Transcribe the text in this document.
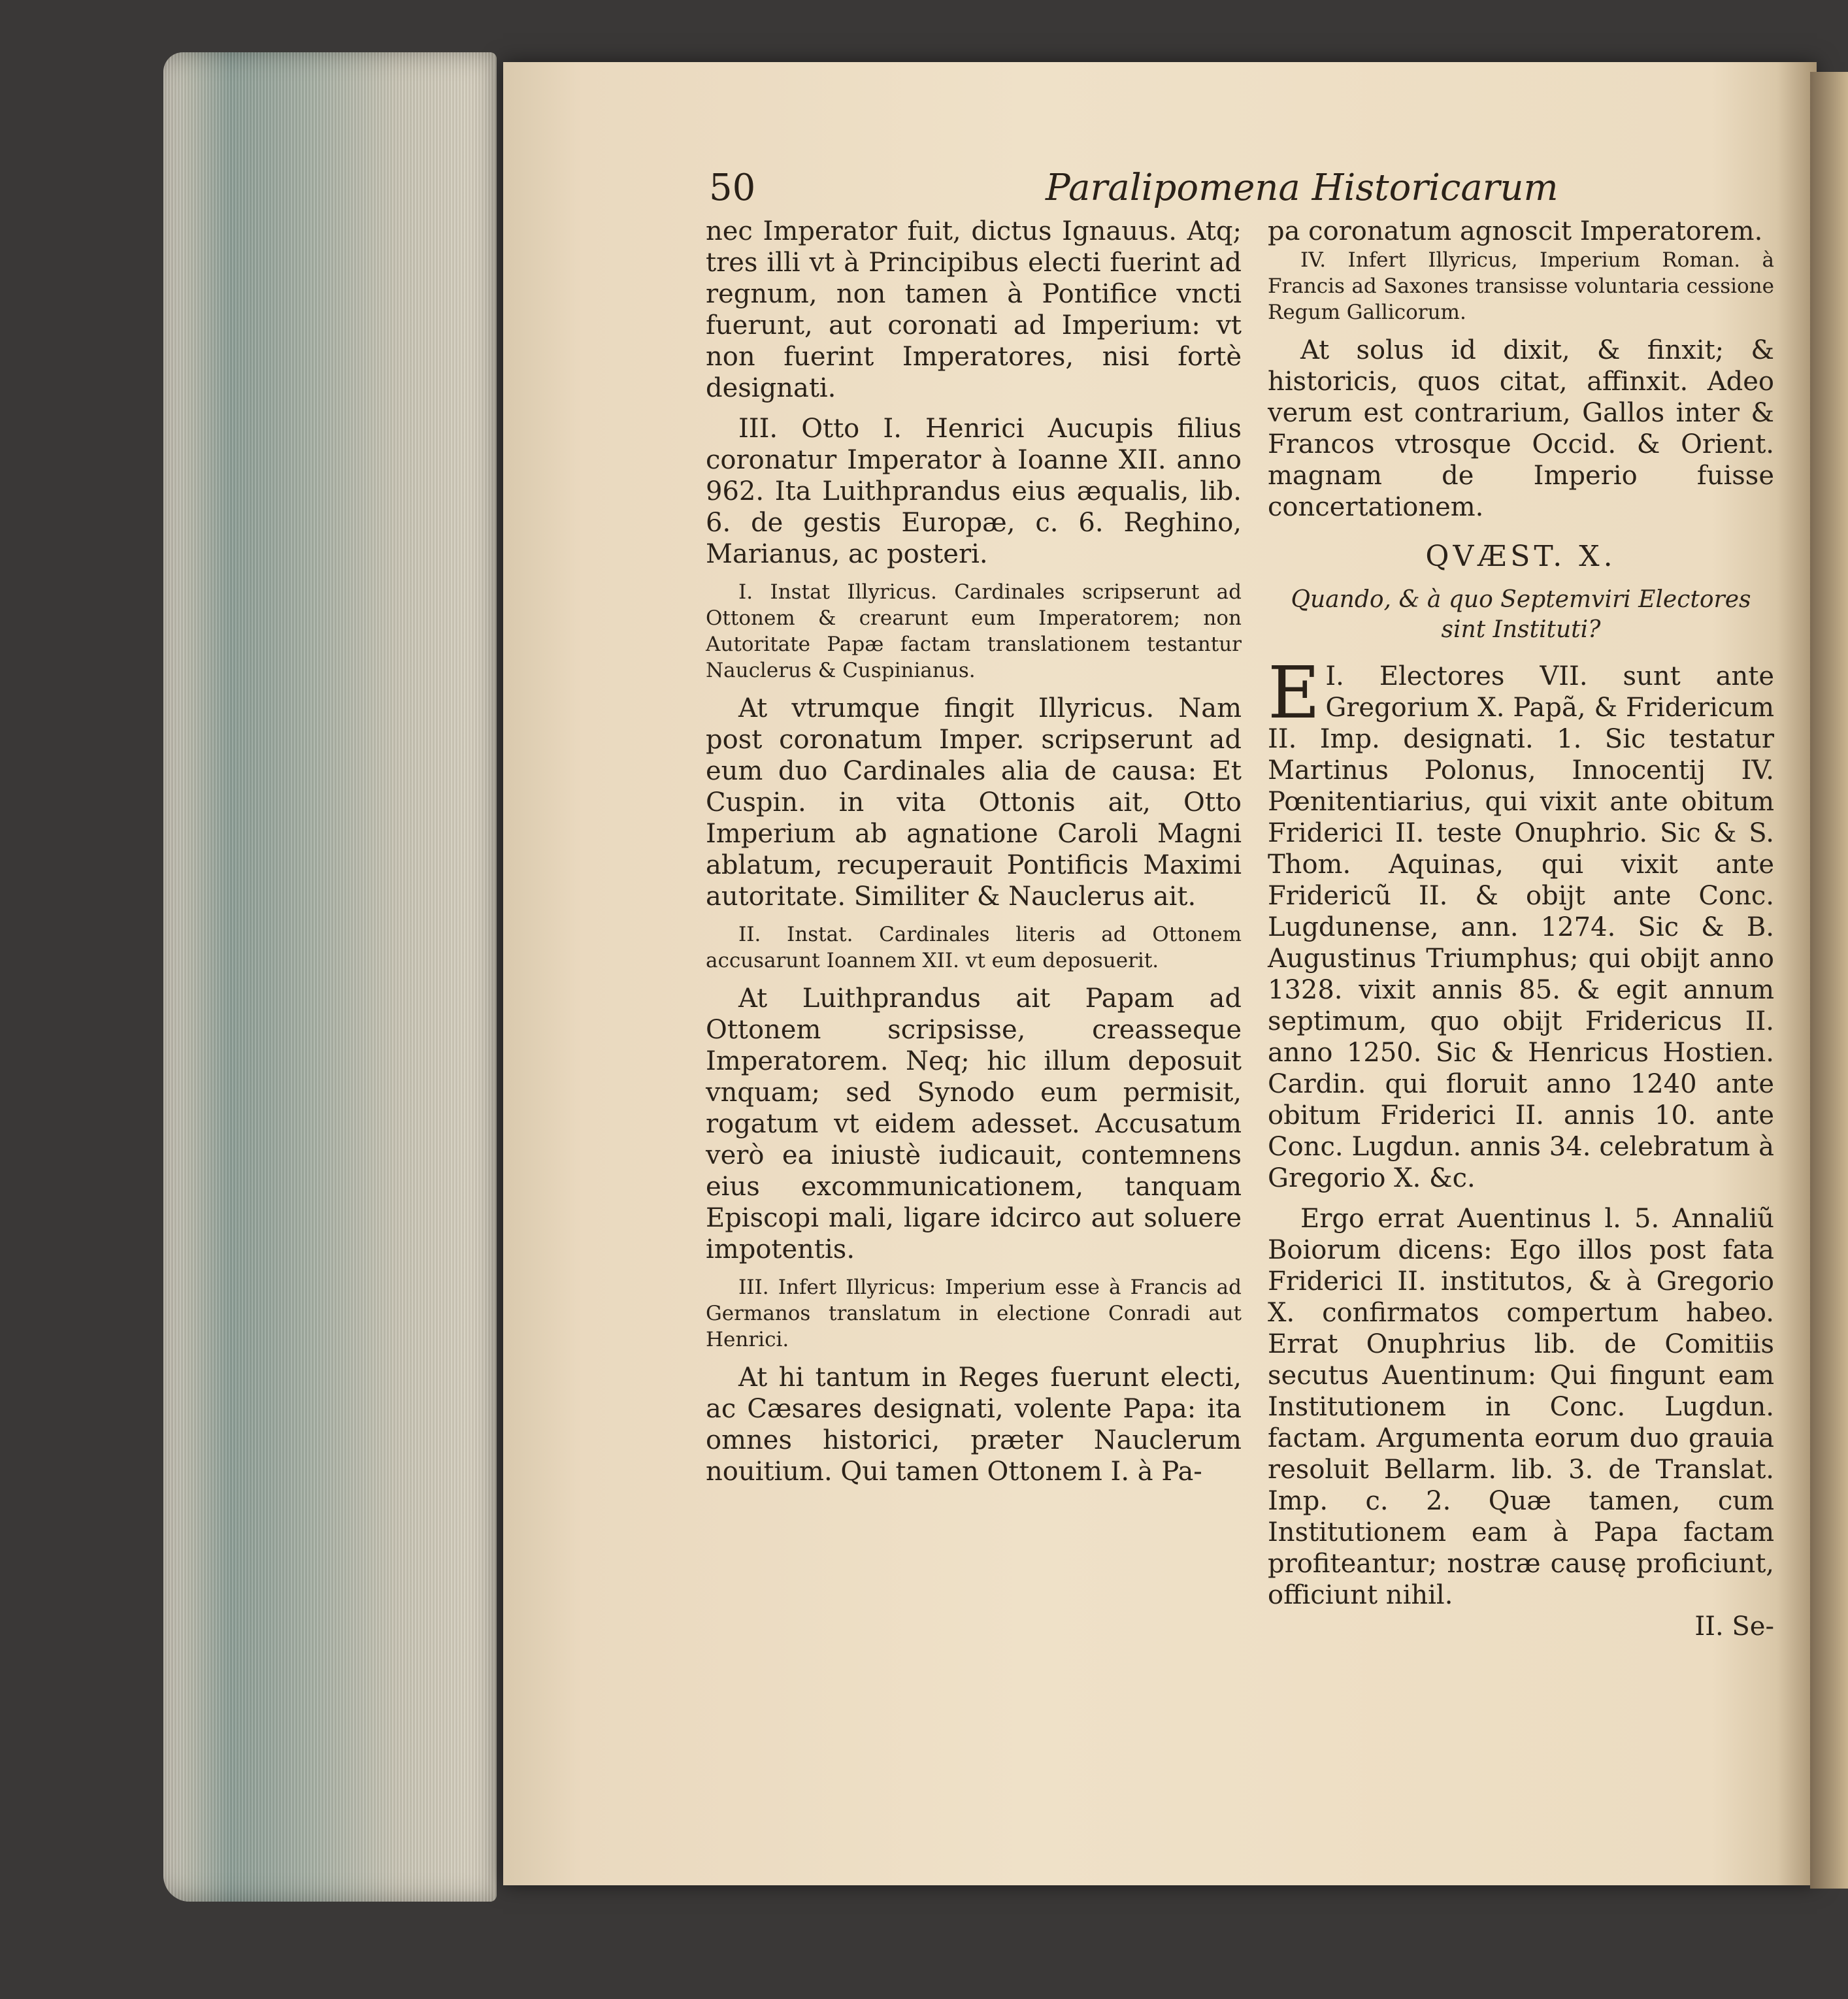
50	Paralipomena Historicarum

nec Imperator fuit, dictus Ignauus. Atq; tres illi vt à Principibus electi fuerint ad regnum, non tamen à Pontifice vncti fuerunt, aut coronati ad Imperium: vt non fuerint Imperatores, nisi fortè designati.

III. Otto I. Henrici Aucupis filius coronatur Imperator à Ioanne XII. anno 962. Ita Luithprandus eius æqualis, lib. 6. de gestis Europæ, c. 6. Reghino, Marianus, ac posteri.

I. Instat Illyricus. Cardinales scripserunt ad Ottonem & crearunt eum Imperatorem; non Autoritate Papæ factam translationem testantur Nauclerus & Cuspinianus.

At vtrumque fingit Illyricus. Nam post coronatum Imper. scripserunt ad eum duo Cardinales alia de causa: Et Cuspin. in vita Ottonis ait, Otto Imperium ab agnatione Caroli Magni ablatum, recuperauit Pontificis Maximi autoritate. Similiter & Nauclerus ait.

II. Instat. Cardinales literis ad Ottonem accusarunt Ioannem XII. vt eum deposuerit.

At Luithprandus ait Papam ad Ottonem scripsisse, creasseque Imperatorem. Neq; hic illum deposuit vnquam; sed Synodo eum permisit, rogatum vt eidem adesset. Accusatum verò ea iniustè iudicauit, contemnens eius excommunicationem, tanquam Episcopi mali, ligare idcirco aut soluere impotentis.

III. Infert Illyricus: Imperium esse à Francis ad Germanos translatum in electione Conradi aut Henrici.

At hi tantum in Reges fuerunt electi, ac Cæsares designati, volente Papa: ita omnes historici, præter Nauclerum nouitium. Qui tamen Ottonem I. à Pa-

pa coronatum agnoscit Imperatorem.

IV. Infert Illyricus, Imperium Roman. à Francis ad Saxones transisse voluntaria cessione Regum Gallicorum.

At solus id dixit, & finxit; & historicis, quos citat, affinxit. Adeo verum est contrarium, Gallos inter & Francos vtrosque Occid. & Orient. magnam de Imperio fuisse concertationem.

QVÆST. X.

Quando, & à quo Septemviri Electores sint Instituti?

E I. Electores VII. sunt ante Gregorium X. Papã, & Fridericum II. Imp. designati. 1. Sic testatur Martinus Polonus, Innocentij IV. Pœnitentiarius, qui vixit ante obitum Friderici II. teste Onuphrio. Sic & S. Thom. Aquinas, qui vixit ante Fridericũ II. & obijt ante Conc. Lugdunense, ann. 1274. Sic & B. Augustinus Triumphus; qui obijt anno 1328. vixit annis 85. & egit annum septimum, quo obijt Fridericus II. anno 1250. Sic & Henricus Hostien. Cardin. qui floruit anno 1240 ante obitum Friderici II. annis 10. ante Conc. Lugdun. annis 34. celebratum à Gregorio X. &c.

Ergo errat Auentinus l. 5. Annaliũ Boiorum dicens: Ego illos post fata Friderici II. institutos, & à Gregorio X. confirmatos compertum habeo. Errat Onuphrius lib. de Comitiis secutus Auentinum: Qui fingunt eam Institutionem in Conc. Lugdun. factam. Argumenta eorum duo grauia resoluit Bellarm. lib. 3. de Translat. Imp. c. 2. Quæ tamen, cum Institutionem eam à Papa factam profiteantur; nostræ causę proficiunt, officiunt nihil.

II. Se-
